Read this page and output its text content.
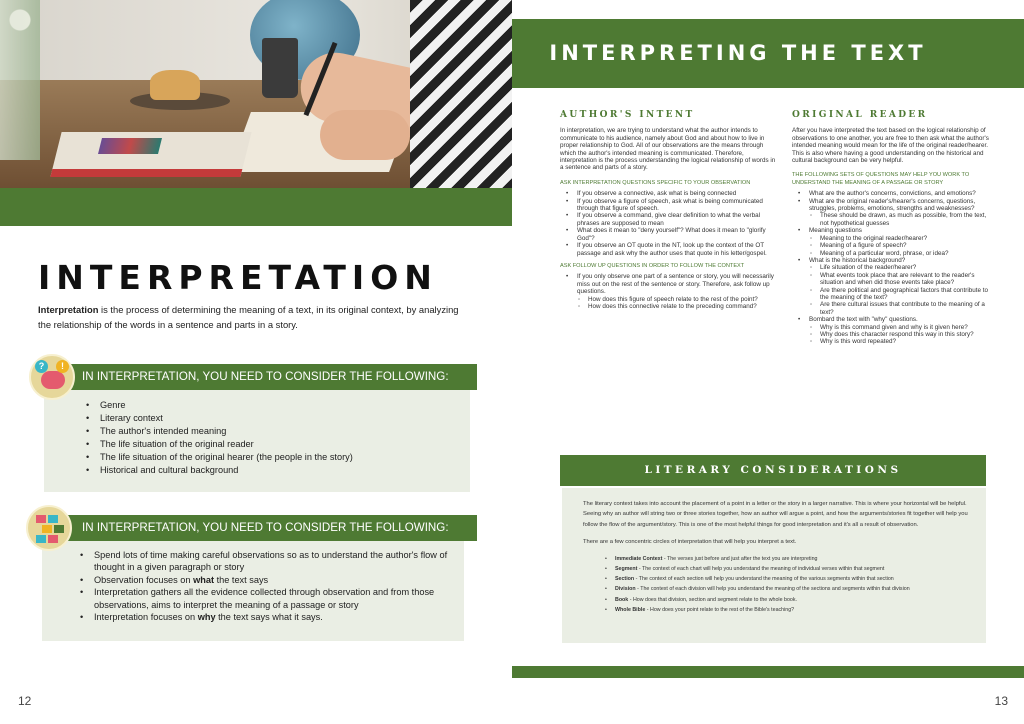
INTERPRETATION

Interpretation is the process of determining the meaning of a text, in its original context, by analyzing the relationship of the words in a sentence and parts in a story.

IN INTERPRETATION, YOU NEED TO CONSIDER THE FOLLOWING:
?	!
• Genre
• Literary context
• The author's intended meaning
• The life situation of the original reader
• The life situation of the original hearer (the people in the story)
• Historical and cultural background
IN INTERPRETATION, YOU NEED TO CONSIDER THE FOLLOWING:
• Spend lots of time making careful observations so as to understand the author's flow of thought in a given paragraph or story
• Observation focuses on what the text says
• Interpretation gathers all the evidence collected through observation and from those observations, aims to interpret the meaning of a passage or story
• Interpretation focuses on why the text says what it says.
12
INTERPRETING THE TEXT
AUTHOR'S INTENT
In interpretation, we are trying to understand what the author intends to communicate to his audience, namely about God and about how to live in proper relationship to God. All of our observations are the means through which the author's intended meaning is communicated. Therefore, interpretation is the process understanding the logical relationship of words in a sentence and parts of a story.
ASK INTERPRETATION QUESTIONS SPECIFIC TO YOUR OBSERVATION
• If you observe a connective, ask what is being connected
• If you observe a figure of speech, ask what is being communicated through that figure of speech.
• If you observe a command, give clear definition to what the verbal phrases are supposed to mean
• What does it mean to "deny yourself"? What does it mean to "glorify God"?
• If you observe an OT quote in the NT, look up the context of the OT passage and ask why the author uses that quote in his letter/gospel.
ASK FOLLOW UP QUESTIONS IN ORDER TO FOLLOW THE CONTEXT
• If you only observe one part of a sentence or story, you will necessarily miss out on the rest of the sentence or story. Therefore, ask follow up questions.
◦ How does this figure of speech relate to the rest of the point?
◦ How does this connective relate to the preceding command?
ORIGINAL READER
After you have interpreted the text based on the logical relationship of observations to one another, you are free to then ask what the author's intended meaning would mean for the life of the original reader/hearer. This is also where having a good understanding on the historical and cultural background can be very helpful.
THE FOLLOWING SETS OF QUESTIONS MAY HELP YOU WORK TO UNDERSTAND THE MEANING OF A PASSAGE OR STORY
• What are the author's concerns, convictions, and emotions?
• What are the original reader's/hearer's concerns, questions, struggles, problems, emotions, strengths and weaknesses?
◦ These should be drawn, as much as possible, from the text, not hypothetical guesses
• Meaning questions
◦ Meaning to the original reader/hearer?
◦ Meaning of a figure of speech?
◦ Meaning of a particular word, phrase, or idea?
• What is the historical background?
◦ Life situation of the reader/hearer?
◦ What events took place that are relevant to the reader's situation and when did those events take place?
◦ Are there political and geographical factors that contribute to the meaning of the text?
◦ Are there cultural issues that contribute to the meaning of a text?
• Bombard the text with "why" questions.
◦ Why is this command given and why is it given here?
◦ Why does this character respond this way in this story?
◦ Why is this word repeated?
LITERARY CONSIDERATIONS
The literary context takes into account the placement of a point in a letter or the story in a larger narrative. This is where your horizontal will be helpful. Seeing why an author will string two or three stories together, how an author will argue a point, and how the arguments/stories fit together will help you follow the flow of the argument/story. This is one of the most helpful things for good interpretation and it's all a result of observation.
There are a few concentric circles of interpretation that will help you interpret a text.
• Immediate Context - The verses just before and just after the text you are interpreting
• Segment - The context of each chart will help you understand the meaning of individual verses within that segment
• Section - The context of each section will help you understand the meaning of the various segments within that section
• Division - The context of each division will help you understand the meaning of the sections and segments within that division
• Book - How does that division, section and segment relate to the whole book.
• Whole Bible - How does your point relate to the rest of the Bible's teaching?
13
